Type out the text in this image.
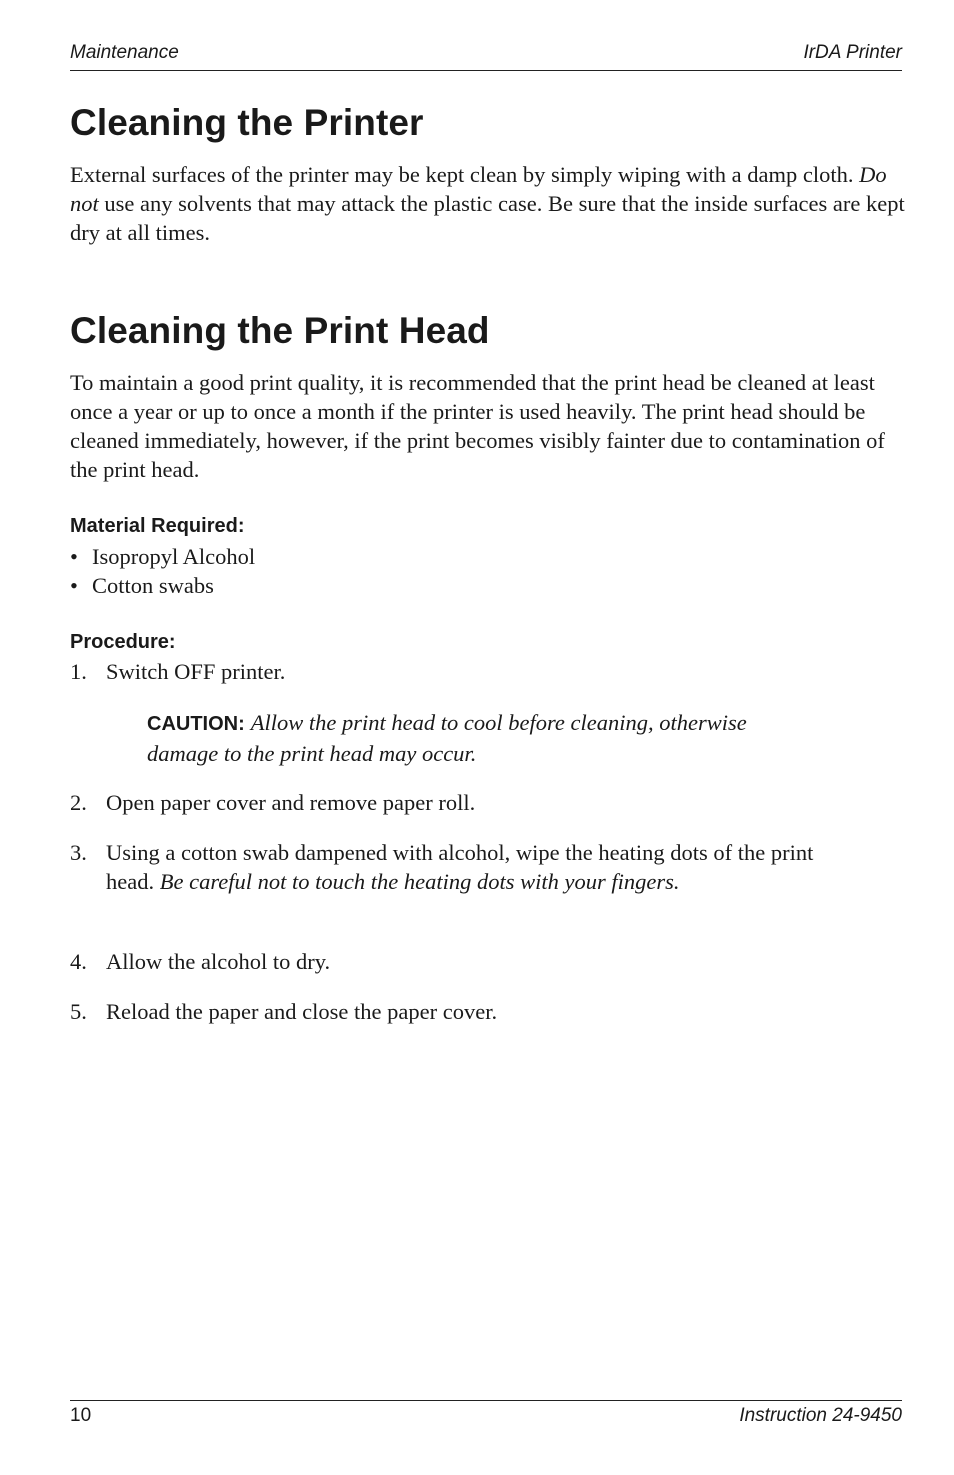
Maintenance	IrDA Printer
Cleaning the Printer

External surfaces of the printer may be kept clean by simply wiping with a damp cloth. Do not use any solvents that may attack the plastic case. Be sure that the inside surfaces are kept dry at all times.

Cleaning the Print Head

To maintain a good print quality, it is recommended that the print head be cleaned at least once a year or up to once a month if the printer is used heavily. The print head should be cleaned immediately, however, if the print becomes visibly fainter due to contamination of the print head.

Material Required:

• Isopropyl Alcohol
• Cotton swabs

Procedure:

1. Switch OFF printer.
CAUTION: Allow the print head to cool before cleaning, otherwise damage to the print head may occur.
2. Open paper cover and remove paper roll.
3. Using a cotton swab dampened with alcohol, wipe the heating dots of the print head. Be careful not to touch the heating dots with your fingers.
4. Allow the alcohol to dry.
5. Reload the paper and close the paper cover.
10	Instruction 24-9450
